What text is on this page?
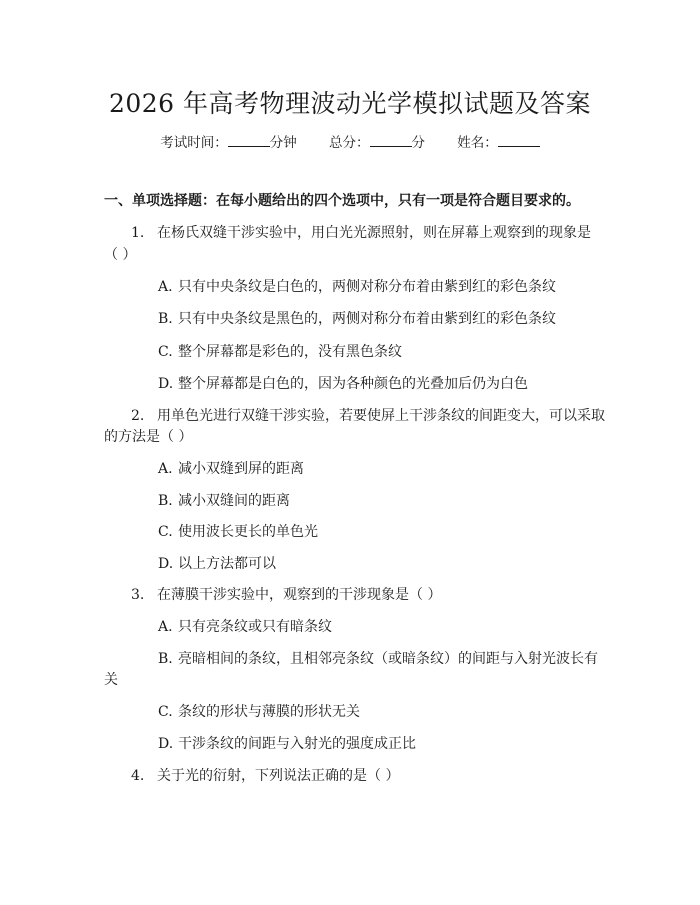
2026 年高考物理波动光学模拟试题及答案
考试时间：	分钟 总分：	分 姓名：
一、单项选择题：在每小题给出的四个选项中，只有一项是符合题目要求的。
1. 在杨氏双缝干涉实验中，用白光光源照射，则在屏幕上观察到的现象是
（ ）
A. 只有中央条纹是白色的，两侧对称分布着由紫到红的彩色条纹
B. 只有中央条纹是黑色的，两侧对称分布着由紫到红的彩色条纹
C. 整个屏幕都是彩色的，没有黑色条纹
D. 整个屏幕都是白色的，因为各种颜色的光叠加后仍为白色
2. 用单色光进行双缝干涉实验，若要使屏上干涉条纹的间距变大，可以采取
的方法是（ ）
A. 减小双缝到屏的距离
B. 减小双缝间的距离
C. 使用波长更长的单色光
D. 以上方法都可以
3. 在薄膜干涉实验中，观察到的干涉现象是（ ）
A. 只有亮条纹或只有暗条纹
B. 亮暗相间的条纹，且相邻亮条纹（或暗条纹）的间距与入射光波长有
关
C. 条纹的形状与薄膜的形状无关
D. 干涉条纹的间距与入射光的强度成正比
4. 关于光的衍射，下列说法正确的是（ ）
